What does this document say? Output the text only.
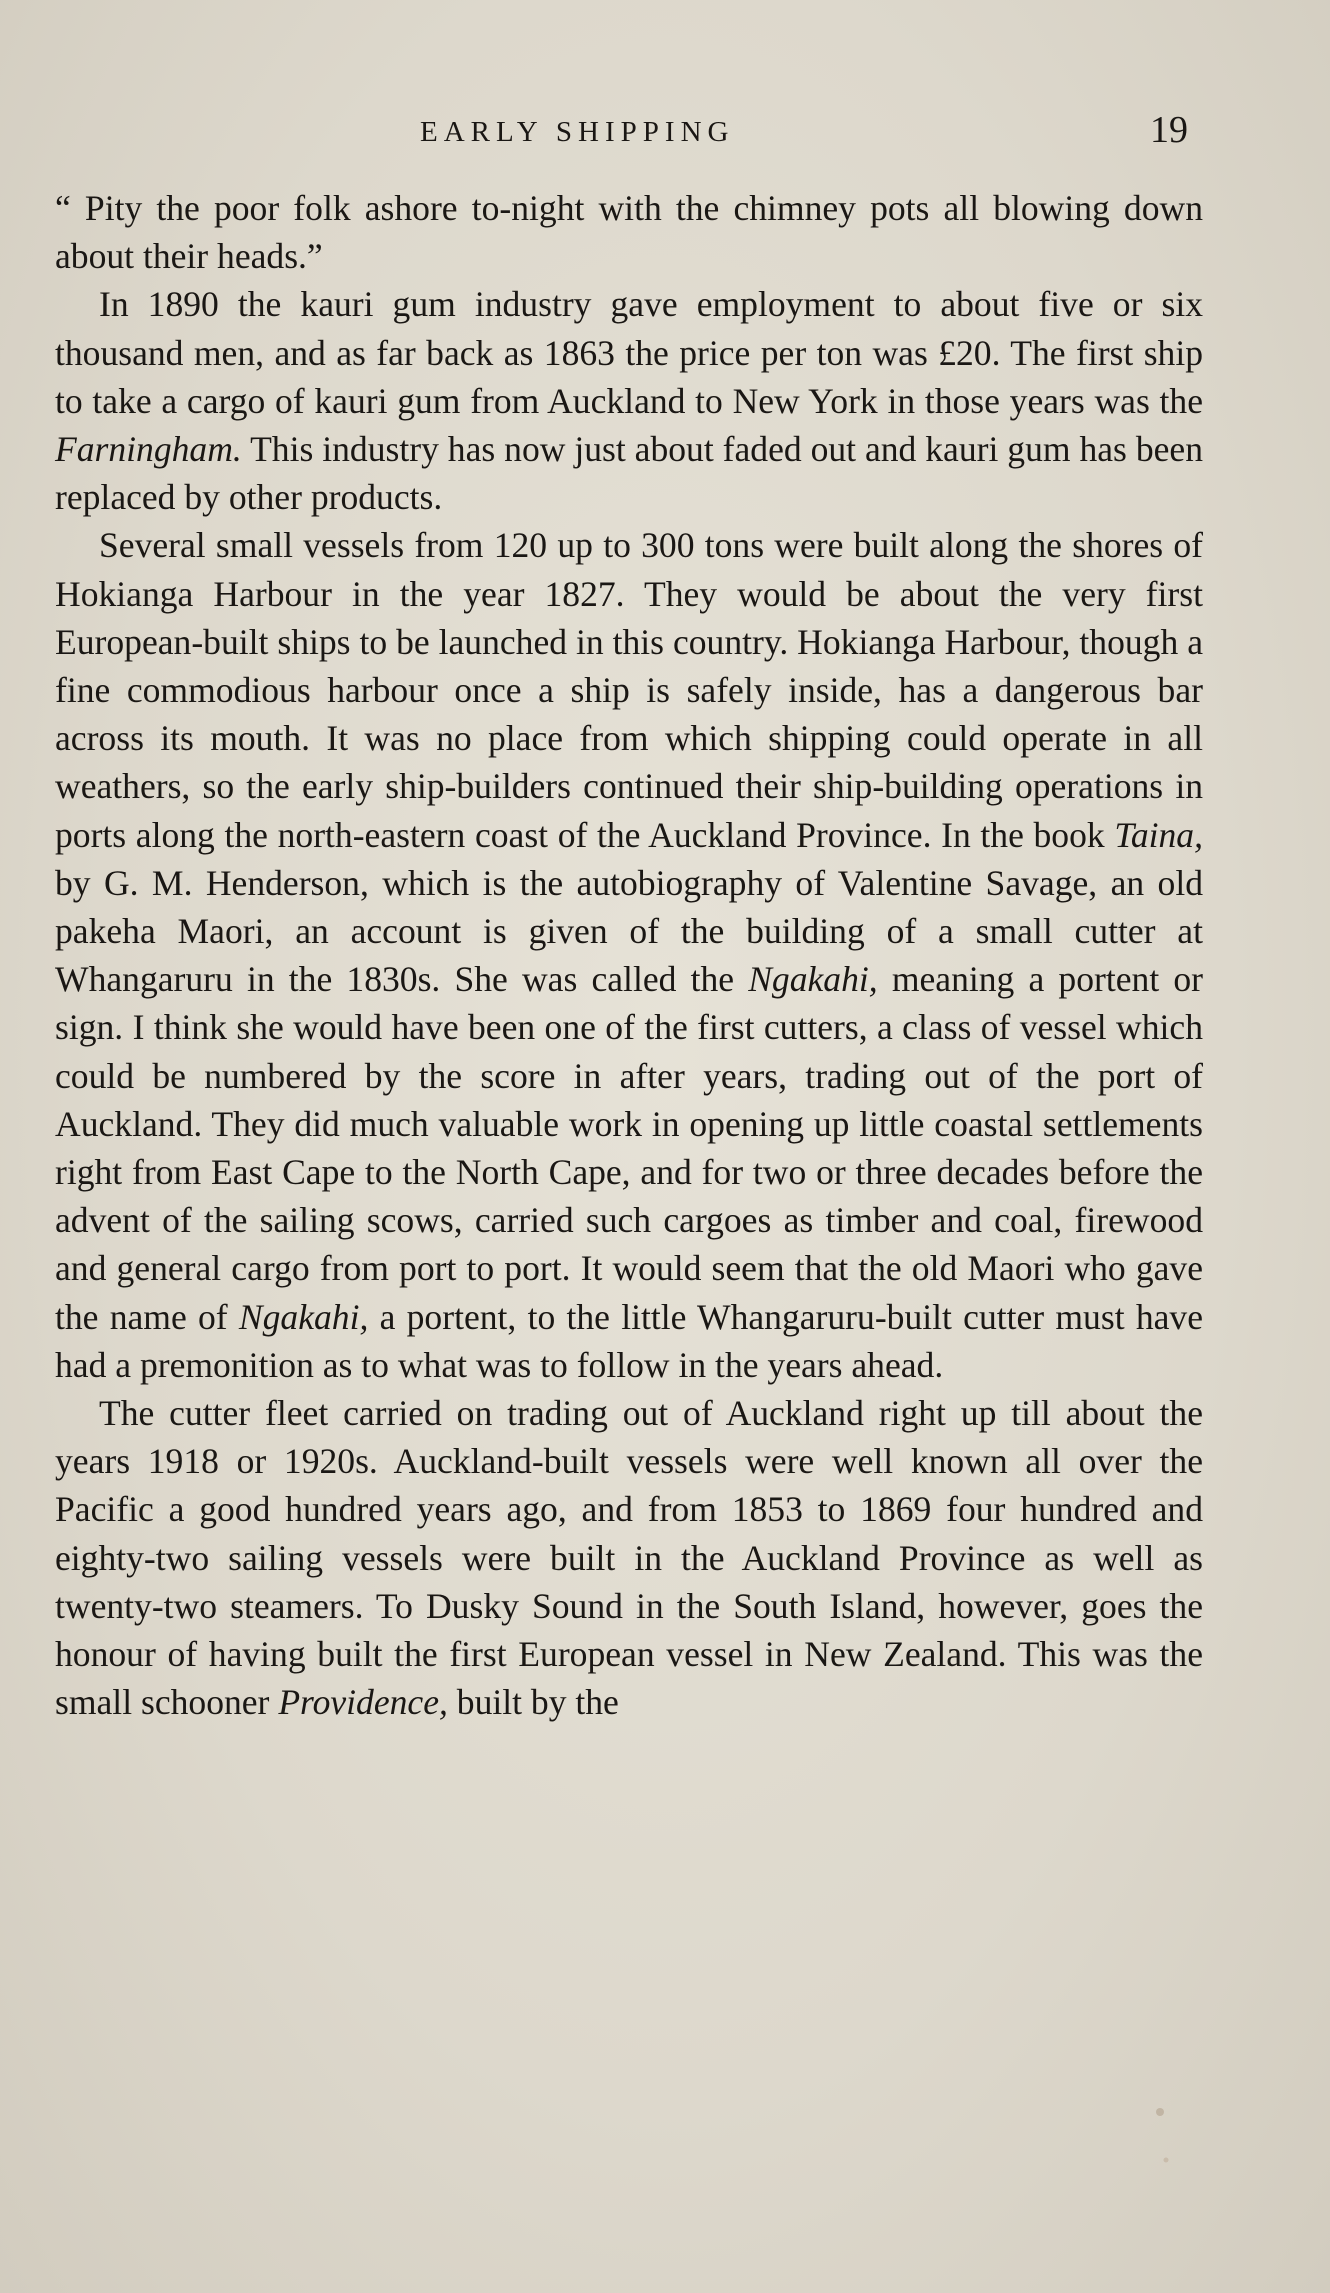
EARLY SHIPPING	19

“ Pity the poor folk ashore to-night with the chimney pots all blowing down about their heads.”

In 1890 the kauri gum industry gave employment to about five or six thousand men, and as far back as 1863 the price per ton was £20. The first ship to take a cargo of kauri gum from Auckland to New York in those years was the Farningham. This industry has now just about faded out and kauri gum has been replaced by other products.

Several small vessels from 120 up to 300 tons were built along the shores of Hokianga Harbour in the year 1827. They would be about the very first European-built ships to be launched in this country. Hokianga Harbour, though a fine commodious harbour once a ship is safely inside, has a dangerous bar across its mouth. It was no place from which shipping could operate in all weathers, so the early ship-builders continued their ship-building operations in ports along the north-eastern coast of the Auckland Province. In the book Taina, by G. M. Henderson, which is the autobiography of Valentine Savage, an old pakeha Maori, an account is given of the building of a small cutter at Whangaruru in the 1830s. She was called the Ngakahi, meaning a portent or sign. I think she would have been one of the first cutters, a class of vessel which could be numbered by the score in after years, trading out of the port of Auckland. They did much valuable work in opening up little coastal settlements right from East Cape to the North Cape, and for two or three decades before the advent of the sailing scows, carried such cargoes as timber and coal, firewood and general cargo from port to port. It would seem that the old Maori who gave the name of Ngakahi, a portent, to the little Whangaruru-built cutter must have had a premonition as to what was to follow in the years ahead.

The cutter fleet carried on trading out of Auckland right up till about the years 1918 or 1920s. Auckland-built vessels were well known all over the Pacific a good hundred years ago, and from 1853 to 1869 four hundred and eighty-two sailing vessels were built in the Auckland Province as well as twenty-two steamers. To Dusky Sound in the South Island, however, goes the honour of having built the first European vessel in New Zealand. This was the small schooner Providence, built by the
